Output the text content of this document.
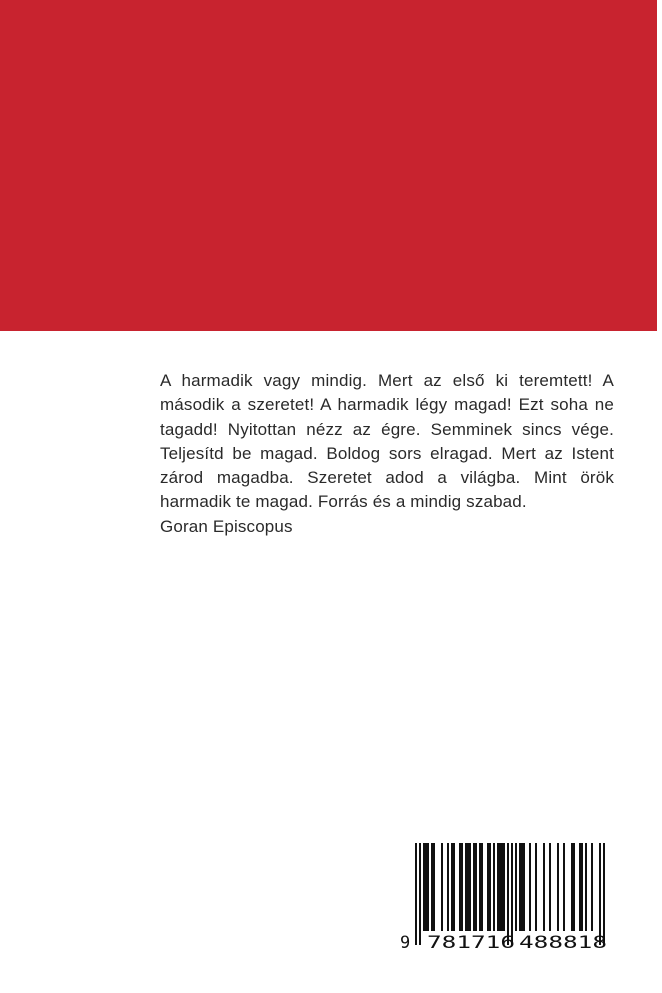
A harmadik vagy mindig. Mert az első ki teremtett! A második a szeretet! A harmadik légy magad! Ezt soha ne tagadd! Nyitottan nézz az égre. Semminek sincs vége. Teljesítd be magad. Boldog sors elragad. Mert az Istent zárod magadba. Szeretet adod a világba. Mint örök harmadik te magad. Forrás és a mindig szabad.
Goran Episcopus

9 781716 488818
